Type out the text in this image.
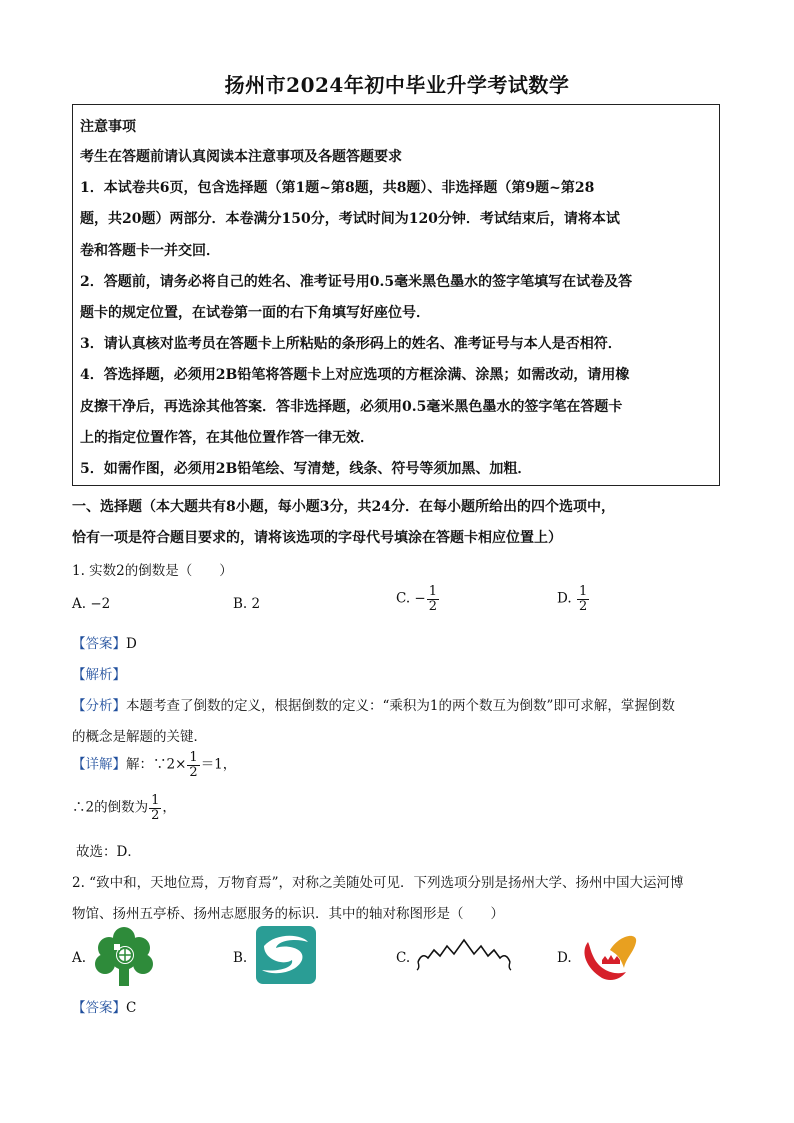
扬州市2024年初中毕业升学考试数学
注意事项
考生在答题前请认真阅读本注意事项及各题答题要求
1．本试卷共6页，包含选择题（第1题~第8题，共8题）、非选择题（第9题~第28
题，共20题）两部分．本卷满分150分，考试时间为120分钟．考试结束后，请将本试
卷和答题卡一并交回．
2．答题前，请务必将自己的姓名、准考证号用0.5毫米黑色墨水的签字笔填写在试卷及答
题卡的规定位置，在试卷第一面的右下角填写好座位号．
3．请认真核对监考员在答题卡上所粘贴的条形码上的姓名、准考证号与本人是否相符．
4．答选择题，必须用2B铅笔将答题卡上对应选项的方框涂满、涂黑；如需改动，请用橡
皮擦干净后，再选涂其他答案．答非选择题，必须用0.5毫米黑色墨水的签字笔在答题卡
上的指定位置作答，在其他位置作答一律无效．
5．如需作图，必须用2B铅笔绘、写清楚，线条、符号等须加黑、加粗．
一、选择题（本大题共有8小题，每小题3分，共24分．在每小题所给出的四个选项中，
恰有一项是符合题目要求的，请将该选项的字母代号填涂在答题卡相应位置上）
1. 实数2的倒数是（　　）
A. −2	B. 2	C. − $\frac{1}{2}$	D. $\frac{1}{2}$
【答案】D
【解析】
【分析】本题考查了倒数的定义，根据倒数的定义：“乘积为1的两个数互为倒数”即可求解，掌握倒数
的概念是解题的关键．
【详解】解：∵2× $\frac{1}{2} =1$，
∴2的倒数为 $\frac{1}{2}$ ，
故选：D．
2. “致中和，天地位焉，万物育焉”，对称之美随处可见．下列选项分别是扬州大学、扬州中国大运河博
物馆、扬州五亭桥、扬州志愿服务的标识．其中的轴对称图形是（　　）
A.	B.	C.	D.
【答案】C
